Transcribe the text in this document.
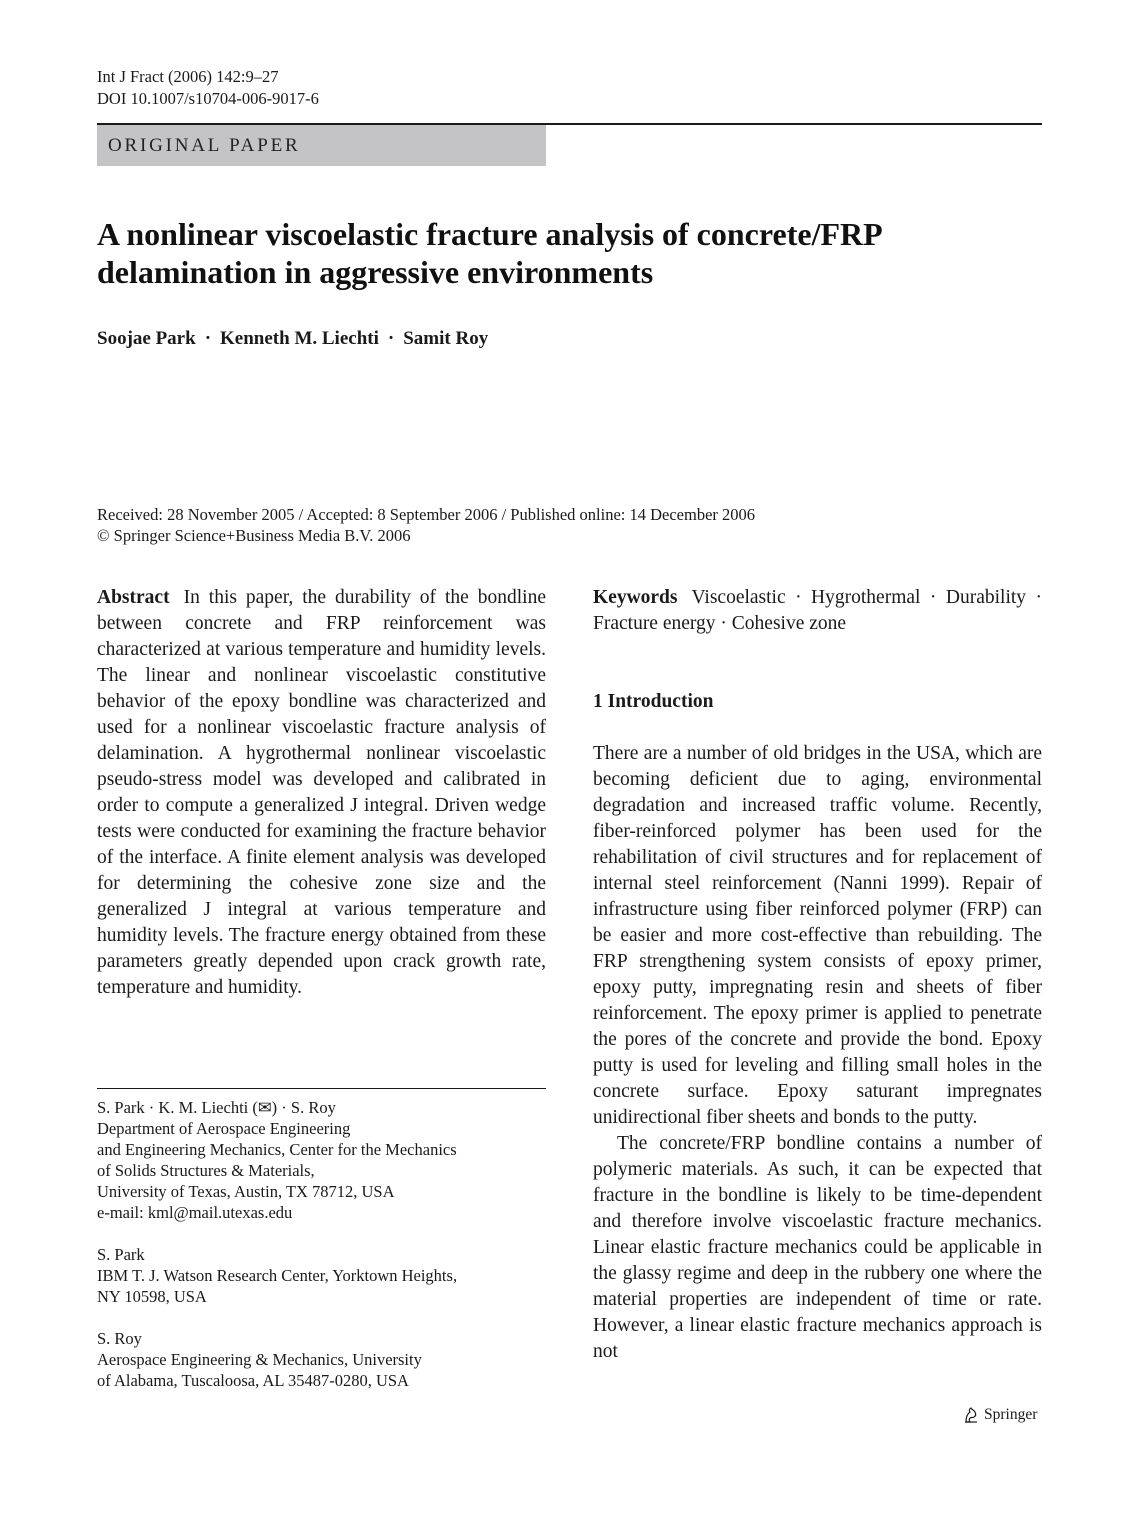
Int J Fract (2006) 142:9–27
DOI 10.1007/s10704-006-9017-6
ORIGINAL PAPER
A nonlinear viscoelastic fracture analysis of concrete/FRP delamination in aggressive environments
Soojae Park · Kenneth M. Liechti · Samit Roy
Received: 28 November 2005 / Accepted: 8 September 2006 / Published online: 14 December 2006
© Springer Science+Business Media B.V. 2006

Abstract In this paper, the durability of the bondline between concrete and FRP reinforcement was characterized at various temperature and humidity levels. The linear and nonlinear viscoelastic constitutive behavior of the epoxy bondline was characterized and used for a nonlinear viscoelastic fracture analysis of delamination. A hygrothermal nonlinear viscoelastic pseudo-stress model was developed and calibrated in order to compute a generalized J integral. Driven wedge tests were conducted for examining the fracture behavior of the interface. A finite element analysis was developed for determining the cohesive zone size and the generalized J integral at various temperature and humidity levels. The fracture energy obtained from these parameters greatly depended upon crack growth rate, temperature and humidity.

S. Park · K. M. Liechti (✉) · S. Roy
Department of Aerospace Engineering
and Engineering Mechanics, Center for the Mechanics
of Solids Structures & Materials,
University of Texas, Austin, TX 78712, USA
e-mail: kml@mail.utexas.edu
S. Park
IBM T. J. Watson Research Center, Yorktown Heights,
NY 10598, USA
S. Roy
Aerospace Engineering & Mechanics, University
of Alabama, Tuscaloosa, AL 35487-0280, USA

Keywords Viscoelastic · Hygrothermal · Durability · Fracture energy · Cohesive zone

1 Introduction

There are a number of old bridges in the USA, which are becoming deficient due to aging, environmental degradation and increased traffic volume. Recently, fiber-reinforced polymer has been used for the rehabilitation of civil structures and for replacement of internal steel reinforcement (Nanni 1999). Repair of infrastructure using fiber reinforced polymer (FRP) can be easier and more cost-effective than rebuilding. The FRP strengthening system consists of epoxy primer, epoxy putty, impregnating resin and sheets of fiber reinforcement. The epoxy primer is applied to penetrate the pores of the concrete and provide the bond. Epoxy putty is used for leveling and filling small holes in the concrete surface. Epoxy saturant impregnates unidirectional fiber sheets and bonds to the putty.

The concrete/FRP bondline contains a number of polymeric materials. As such, it can be expected that fracture in the bondline is likely to be time-dependent and therefore involve viscoelastic fracture mechanics. Linear elastic fracture mechanics could be applicable in the glassy regime and deep in the rubbery one where the material properties are independent of time or rate. However, a linear elastic fracture mechanics approach is not

Springer
